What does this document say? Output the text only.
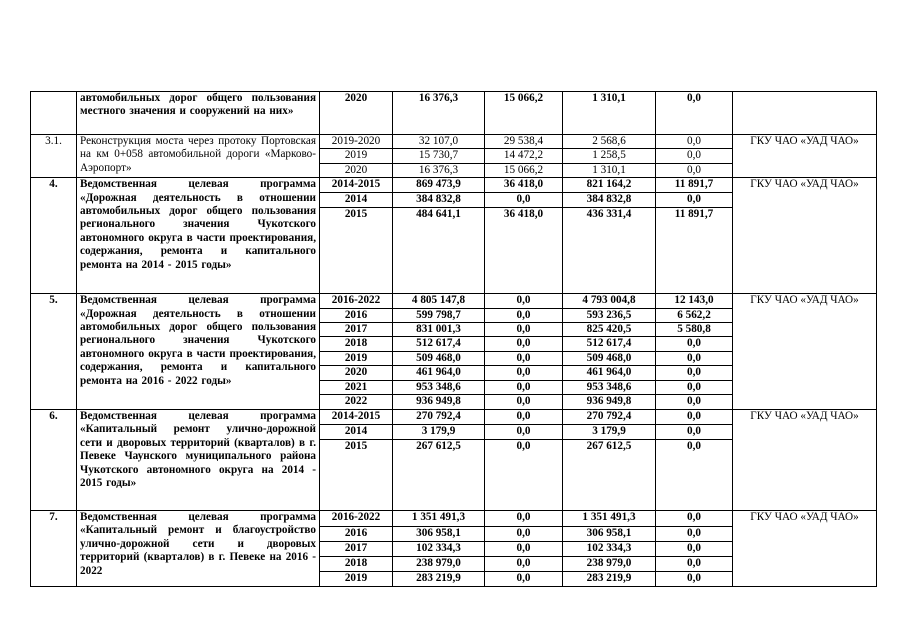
	автомобильных дорог общего пользования местного значения и сооружений на них»	2020	16 376,3	15 066,2	1 310,1	0,0	
3.1.	Реконструкция моста через протоку Портовская на км 0+058 автомобильной дороги «Марково-Аэропорт»	2019-2020	32 107,0	29 538,4	2 568,6	0,0	ГКУ ЧАО «УАД ЧАО»
		2019	15 730,7	14 472,2	1 258,5	0,0	
		2020	16 376,3	15 066,2	1 310,1	0,0	
4.	Ведомственная целевая программа «Дорожная деятельность в отношении автомобильных дорог общего пользования регионального значения Чукотского автономного округа в части проектирования, содержания, ремонта и капитального ремонта на 2014 - 2015 годы»	2014-2015	869 473,9	36 418,0	821 164,2	11 891,7	ГКУ ЧАО «УАД ЧАО»
		2014	384 832,8	0,0	384 832,8	0,0	
		2015	484 641,1	36 418,0	436 331,4	11 891,7	
5.	Ведомственная целевая программа «Дорожная деятельность в отношении автомобильных дорог общего пользования регионального значения Чукотского автономного округа в части проектирования, содержания, ремонта и капитального ремонта на 2016 - 2022 годы»	2016-2022	4 805 147,8	0,0	4 793 004,8	12 143,0	ГКУ ЧАО «УАД ЧАО»
		2016	599 798,7	0,0	593 236,5	6 562,2	
		2017	831 001,3	0,0	825 420,5	5 580,8	
		2018	512 617,4	0,0	512 617,4	0,0	
		2019	509 468,0	0,0	509 468,0	0,0	
		2020	461 964,0	0,0	461 964,0	0,0	
		2021	953 348,6	0,0	953 348,6	0,0	
		2022	936 949,8	0,0	936 949,8	0,0	
6.	Ведомственная целевая программа «Капитальный ремонт улично-дорожной сети и дворовых территорий (кварталов) в г. Певеке Чаунского муниципального района Чукотского автономного округа на 2014 - 2015 годы»	2014-2015	270 792,4	0,0	270 792,4	0,0	ГКУ ЧАО «УАД ЧАО»
		2014	3 179,9	0,0	3 179,9	0,0	
		2015	267 612,5	0,0	267 612,5	0,0	
7.	Ведомственная целевая программа «Капитальный ремонт и благоустройство улично-дорожной сети и дворовых территорий (кварталов) в г. Певеке на 2016 - 2022	2016-2022	1 351 491,3	0,0	1 351 491,3	0,0	ГКУ ЧАО «УАД ЧАО»
		2016	306 958,1	0,0	306 958,1	0,0	
		2017	102 334,3	0,0	102 334,3	0,0	
		2018	238 979,0	0,0	238 979,0	0,0	
		2019	283 219,9	0,0	283 219,9	0,0	
